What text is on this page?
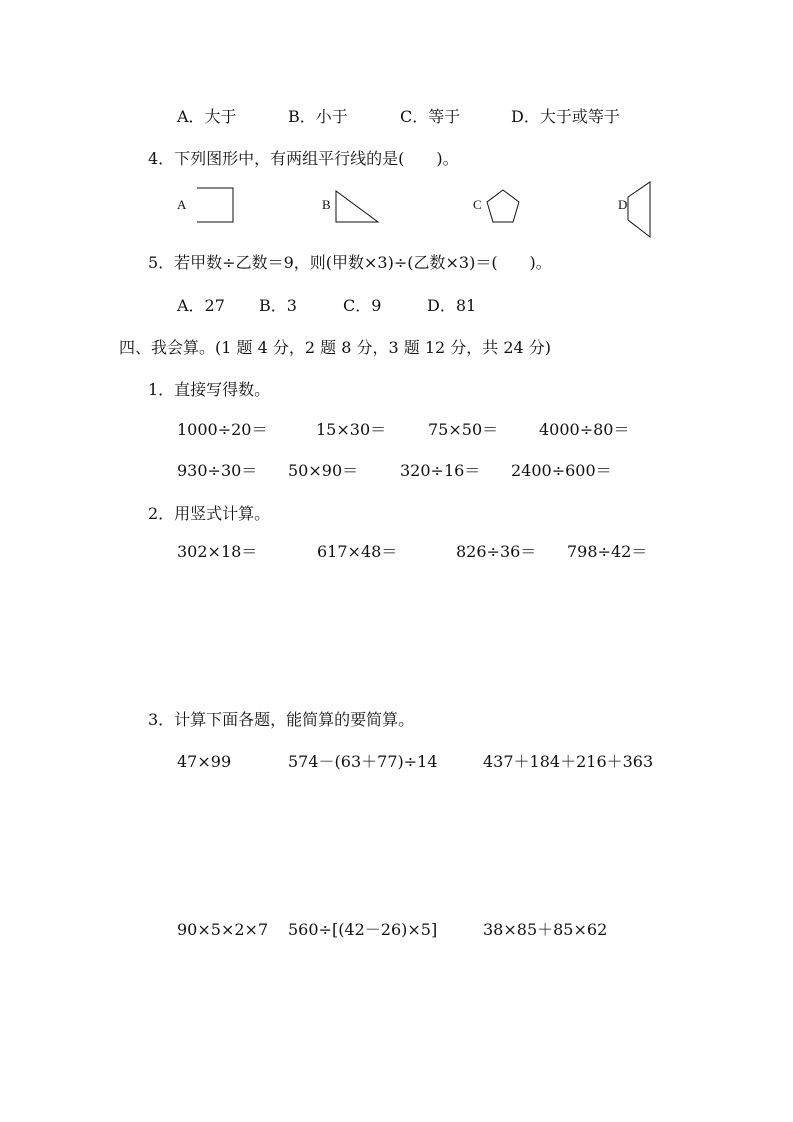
A．大于	B．小于	C．等于	D．大于或等于
4．下列图形中，有两组平行线的是(　　)。
A	B	C	D
5．若甲数÷乙数＝9，则(甲数×3)÷(乙数×3)＝(　　)。
A．27 B．3	C．9	D．81
四、我会算。(1 题 4 分，2 题 8 分，3 题 12 分，共 24 分)
1．直接写得数。
1000÷20＝	15×30＝	75×50＝	4000÷80＝
930÷30＝ 50×90＝	320÷16＝ 2400÷600＝
2．用竖式计算。
302×18＝	617×48＝	826÷36＝ 798÷42＝
3．计算下面各题，能简算的要简算。
47×99	574－(63＋77)÷14	437＋184＋216＋363
90×5×2×7 560÷[(42－26)×5]	38×85＋85×62
